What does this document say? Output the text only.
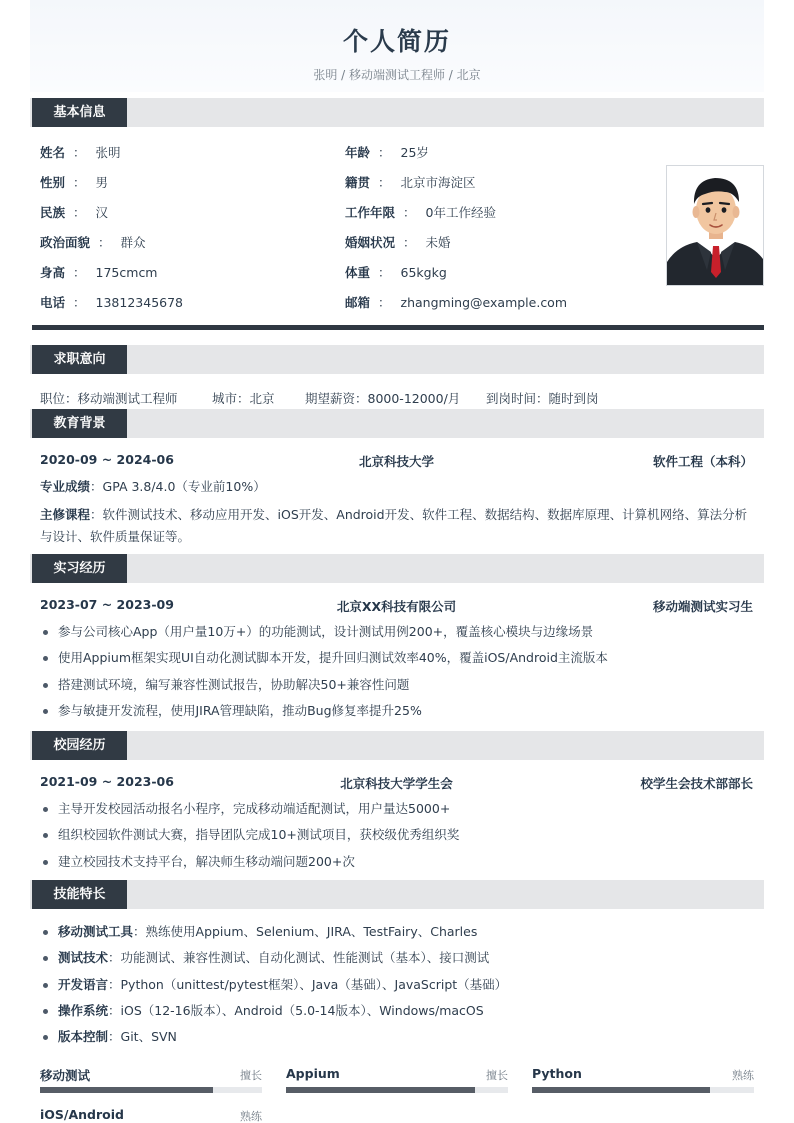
个人简历
张明 / 移动端测试工程师 / 北京
基本信息
姓名 ： 张明	年龄 ： 25岁
性别 ： 男	籍贯 ： 北京市海淀区
民族 ： 汉	工作年限 ： 0年工作经验
政治面貌 ： 群众	婚姻状况 ： 未婚
身高 ： 175cmcm	体重 ： 65kgkg
电话 ： 13812345678	邮箱 ： zhangming@example.com
求职意向
职位：移动端测试工程师	城市：北京 期望薪资：8000-12000/月 到岗时间：随时到岗
教育背景
2020-09 ~ 2024-06	北京科技大学	软件工程（本科）
专业成绩：GPA 3.8/4.0（专业前10%）
主修课程：软件测试技术、移动应用开发、iOS开发、Android开发、软件工程、数据结构、数据库原理、计算机网络、算法分析与设计、软件质量保证等。
实习经历
2023-07 ~ 2023-09	北京XX科技有限公司	移动端测试实习生
参与公司核心App（用户量10万+）的功能测试，设计测试用例200+，覆盖核心模块与边缘场景
使用Appium框架实现UI自动化测试脚本开发，提升回归测试效率40%，覆盖iOS/Android主流版本
搭建测试环境，编写兼容性测试报告，协助解决50+兼容性问题
参与敏捷开发流程，使用JIRA管理缺陷，推动Bug修复率提升25%
校园经历
2021-09 ~ 2023-06	北京科技大学学生会	校学生会技术部部长
主导开发校园活动报名小程序，完成移动端适配测试，用户量达5000+
组织校园软件测试大赛，指导团队完成10+测试项目，获校级优秀组织奖
建立校园技术支持平台，解决师生移动端问题200+次
技能特长
移动测试工具：熟练使用Appium、Selenium、JIRA、TestFairy、Charles
测试技术：功能测试、兼容性测试、自动化测试、性能测试（基本）、接口测试
开发语言：Python（unittest/pytest框架）、Java（基础）、JavaScript（基础）
操作系统：iOS（12-16版本）、Android（5.0-14版本）、Windows/macOS
版本控制：Git、SVN
移动测试	擅长 Appium	擅长 Python	熟练
iOS/Android	熟练
